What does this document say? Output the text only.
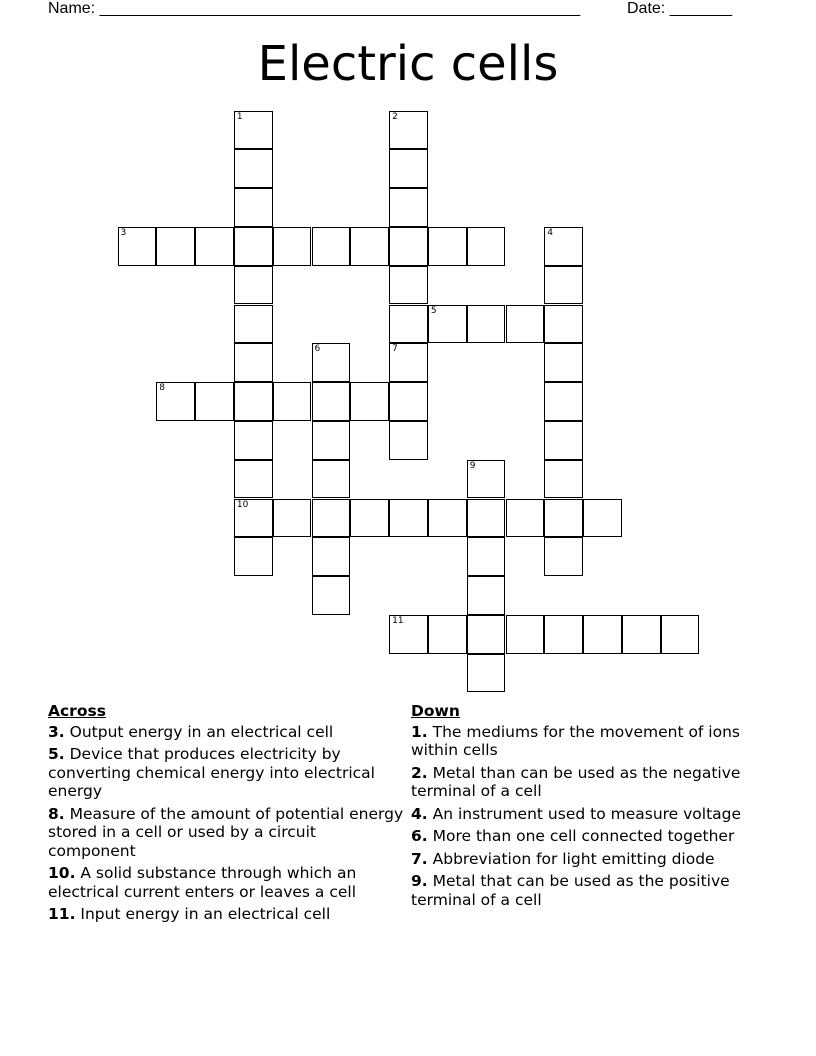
Name: ______________________________________________________	Date: _______
Electric cells
1
10
2
7
3	4
5
6
8
9
11
Across
3. Output energy in an electrical cell
5. Device that produces electricity by converting chemical energy into electrical energy
8. Measure of the amount of potential energy stored in a cell or used by a circuit component
10. A solid substance through which an electrical current enters or leaves a cell
11. Input energy in an electrical cell
Down
1. The mediums for the movement of ions within cells
2. Metal than can be used as the negative terminal of a cell
4. An instrument used to measure voltage
6. More than one cell connected together
7. Abbreviation for light emitting diode
9. Metal that can be used as the positive terminal of a cell
